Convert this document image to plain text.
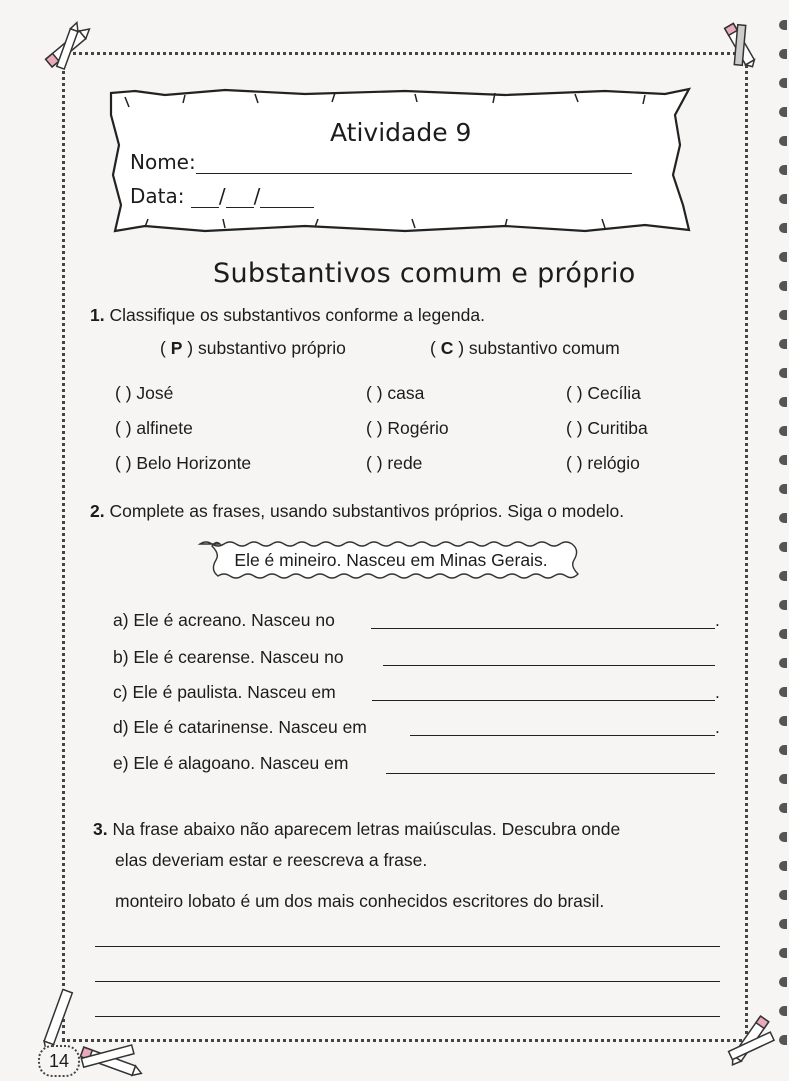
Atividade 9
Nome:
Data: / /
Substantivos comum e próprio
1. Classifique os substantivos conforme a legenda.
( P ) substantivo próprio	( C ) substantivo comum
( ) José	( ) casa	( ) Cecília
( ) alfinete	( ) Rogério	( ) Curitiba
( ) Belo Horizonte	( ) rede	( ) relógio
2. Complete as frases, usando substantivos próprios. Siga o modelo.
Ele é mineiro. Nasceu em Minas Gerais.
a) Ele é acreano. Nasceu no	.
b) Ele é cearense. Nasceu no
c) Ele é paulista. Nasceu em	.
d) Ele é catarinense. Nasceu em	.
e) Ele é alagoano. Nasceu em
3. Na frase abaixo não aparecem letras maiúsculas. Descubra onde
elas deveriam estar e reescreva a frase.
monteiro lobato é um dos mais conhecidos escritores do brasil.
14
